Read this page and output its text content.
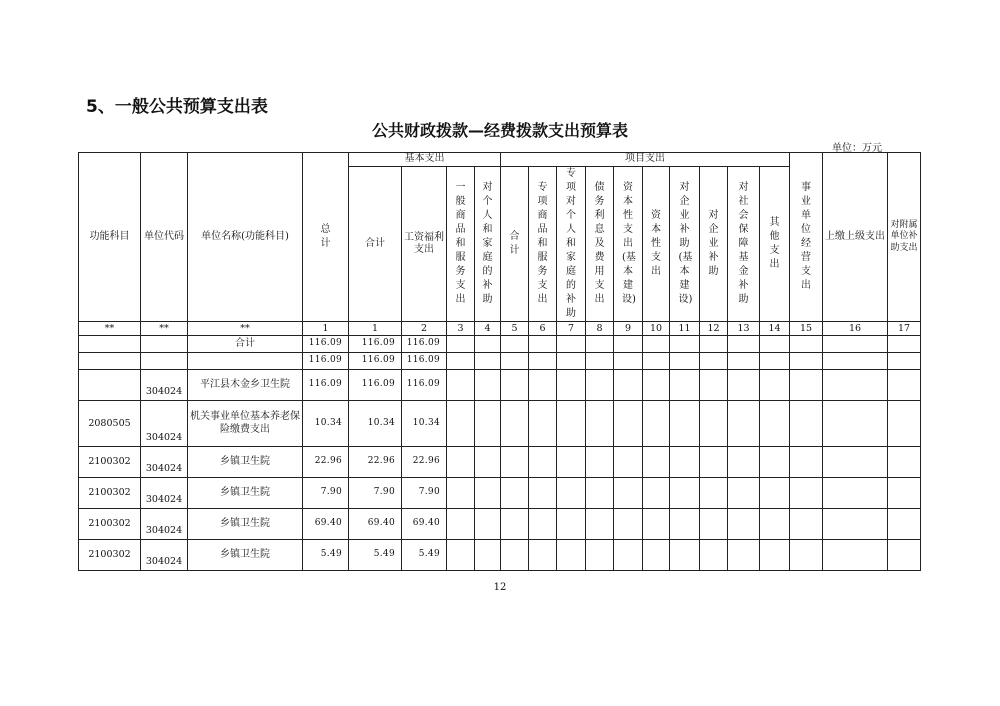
5、一般公共预算支出表
公共财政拨款—经费拨款支出预算表
单位：万元
功能科目	单位代码	单位名称(功能科目)	总计	基本支出				项目支出										事业单位经营支出	上缴上级支出	对附属单位补助支出
				合计	工资福利支出	一般商品和服务支出	对个人和家庭的补助	合计	专项商品和服务支出	专项对个人和家庭的补助	债务利息及费用支出	资本性支出(基本建设)	资本性支出	对企业补助(基本建设)	对企业补助	对社会保障基金补助	其他支出			
**	**	**	1	1	2	3	4	5	6	7	8	9	10	11	12	13	14	15	16	17
		合计	116.09	116.09	116.09															
			116.09	116.09	116.09															
	304024	平江县木金乡卫生院	116.09	116.09	116.09															
2080505	304024	机关事业单位基本养老保险缴费支出	10.34	10.34	10.34															
2100302	304024	乡镇卫生院	22.96	22.96	22.96															
2100302	304024	乡镇卫生院	7.90	7.90	7.90															
2100302	304024	乡镇卫生院	69.40	69.40	69.40															
2100302	304024	乡镇卫生院	5.49	5.49	5.49															
12
